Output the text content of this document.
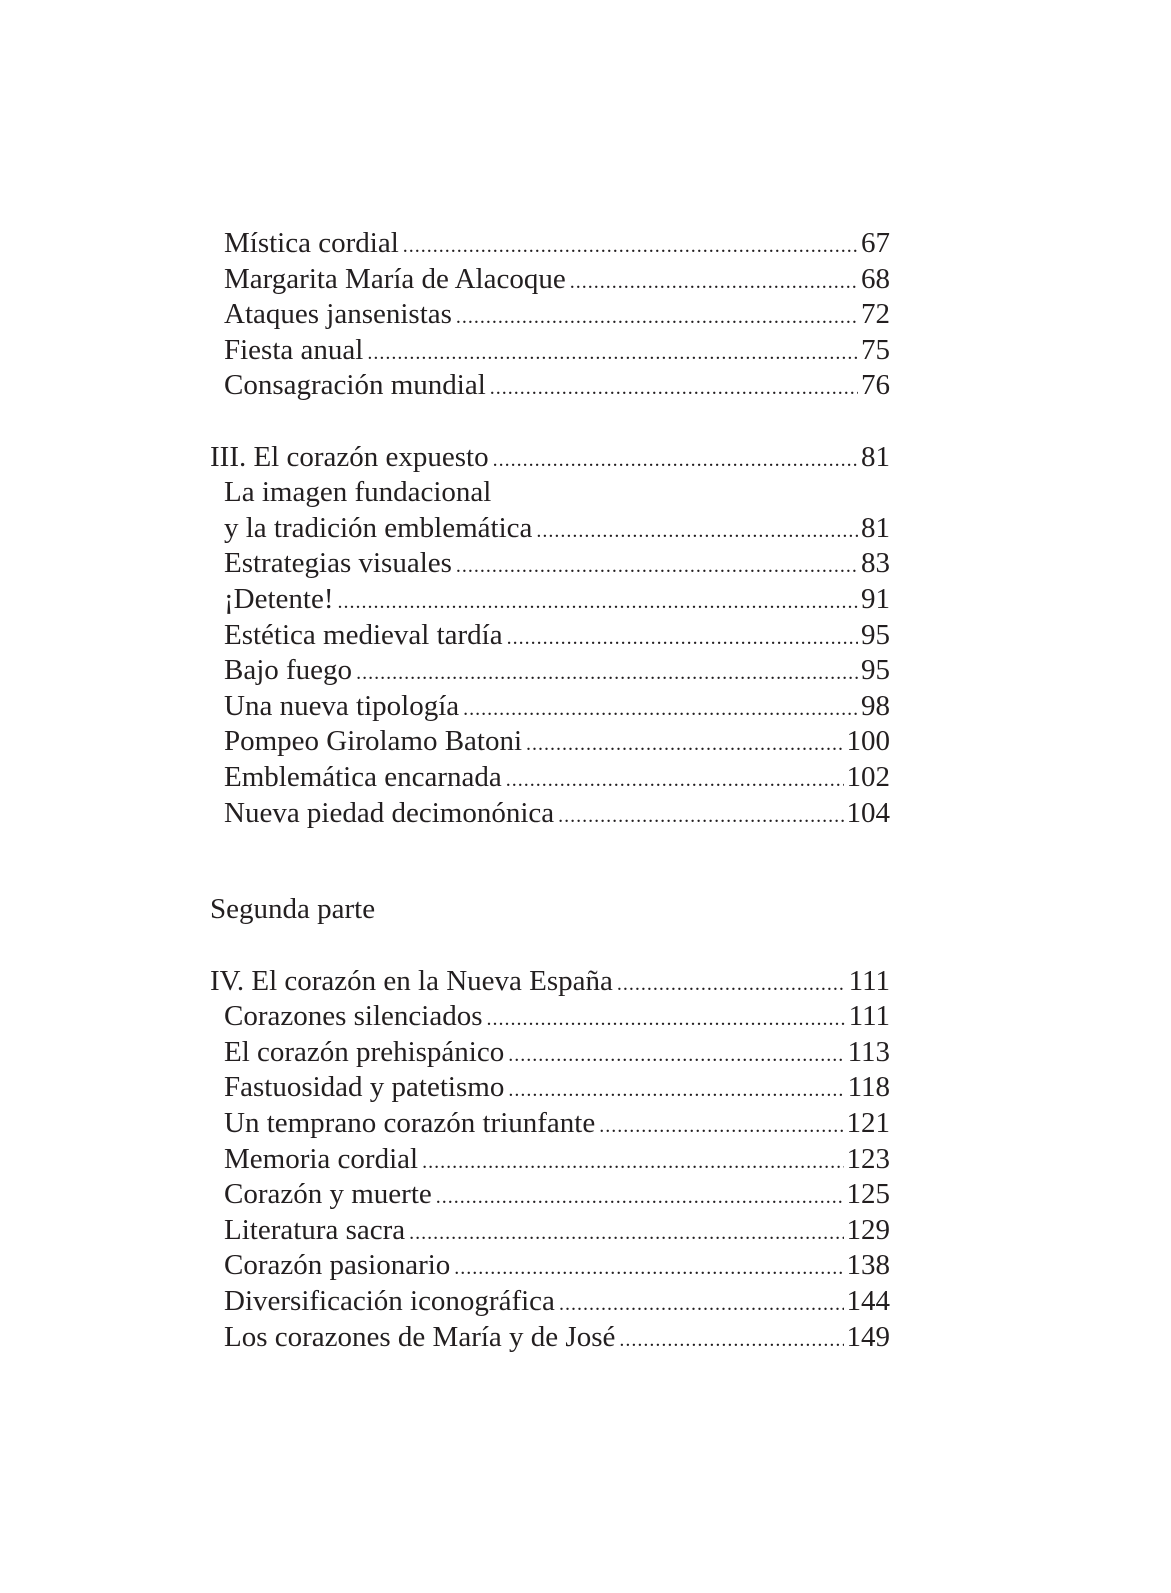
Mística cordial .....	67
Margarita María de Alacoque .....	68
Ataques jansenistas .....	72
Fiesta anual .....	75
Consagración mundial .....	76
III. El corazón expuesto .....	81
La imagen fundacional
y la tradición emblemática .....	81
Estrategias visuales .....	83
¡Detente! .....	91
Estética medieval tardía .....	95
Bajo fuego .....	95
Una nueva tipología .....	98
Pompeo Girolamo Batoni .....	100
Emblemática encarnada .....	102
Nueva piedad decimonónica .....	104
Segunda parte
IV. El corazón en la Nueva España .....	111
Corazones silenciados .....	111
El corazón prehispánico .....	113
Fastuosidad y patetismo .....	118
Un temprano corazón triunfante .....	121
Memoria cordial .....	123
Corazón y muerte .....	125
Literatura sacra .....	129
Corazón pasionario .....	138
Diversificación iconográfica .....	144
Los corazones de María y de José .....	149
